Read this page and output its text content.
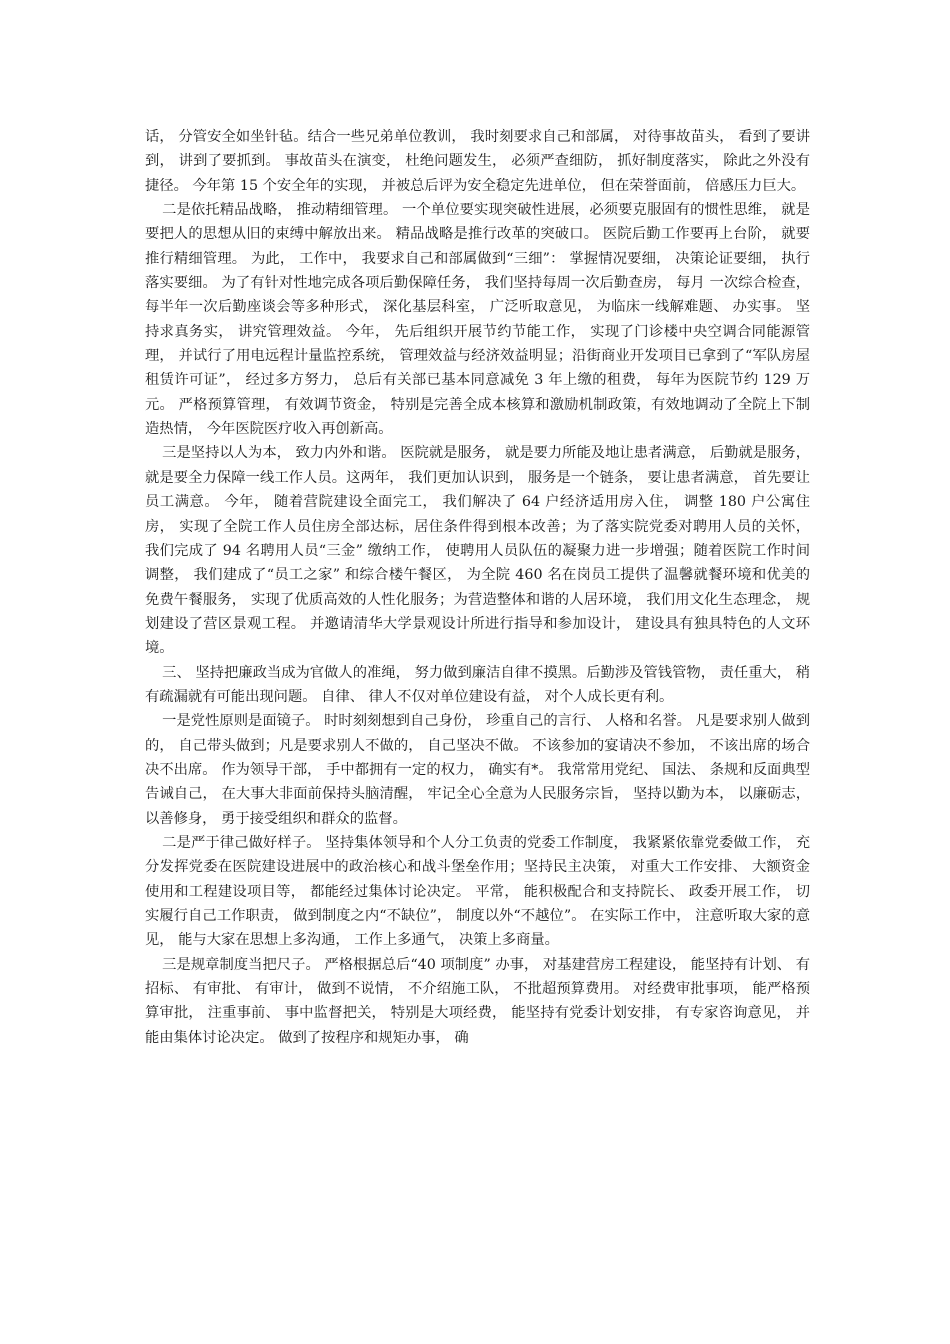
话， 分管安全如坐针毡。结合一些兄弟单位教训， 我时刻要求自己和部属， 对待事故苗头， 看到了要讲到， 讲到了要抓到。 事故苗头在演变， 杜绝问题发生， 必须严查细防， 抓好制度落实， 除此之外没有捷径。 今年第 15 个安全年的实现， 并被总后评为安全稳定先进单位， 但在荣誉面前， 倍感压力巨大。

二是依托精品战略， 推动精细管理。 一个单位要实现突破性进展，必须要克服固有的惯性思维， 就是要把人的思想从旧的束缚中解放出来。 精品战略是推行改革的突破口。 医院后勤工作要再上台阶， 就要推行精细管理。 为此， 工作中， 我要求自己和部属做到“三细”： 掌握情况要细， 决策论证要细， 执行落实要细。 为了有针对性地完成各项后勤保障任务， 我们坚持每周一次后勤查房， 每月 一次综合检查， 每半年一次后勤座谈会等多种形式， 深化基层科室， 广泛听取意见， 为临床一线解难题、 办实事。 坚持求真务实， 讲究管理效益。 今年， 先后组织开展节约节能工作， 实现了门诊楼中央空调合同能源管理， 并试行了用电远程计量监控系统， 管理效益与经济效益明显；沿街商业开发项目已拿到了“军队房屋租赁许可证”， 经过多方努力， 总后有关部已基本同意减免 3 年上缴的租费， 每年为医院节约 129 万元。 严格预算管理， 有效调节资金， 特别是完善全成本核算和激励机制政策，有效地调动了全院上下制造热情， 今年医院医疗收入再创新高。

三是坚持以人为本， 致力内外和谐。 医院就是服务， 就是要力所能及地让患者满意， 后勤就是服务， 就是要全力保障一线工作人员。这两年， 我们更加认识到， 服务是一个链条， 要让患者满意， 首先要让员工满意。 今年， 随着营院建设全面完工， 我们解决了 64 户经济适用房入住， 调整 180 户公寓住房， 实现了全院工作人员住房全部达标，居住条件得到根本改善；为了落实院党委对聘用人员的关怀， 我们完成了 94 名聘用人员“三金” 缴纳工作， 使聘用人员队伍的凝聚力进一步增强；随着医院工作时间调整， 我们建成了“员工之家” 和综合楼午餐区， 为全院 460 名在岗员工提供了温馨就餐环境和优美的免费午餐服务， 实现了优质高效的人性化服务；为营造整体和谐的人居环境， 我们用文化生态理念， 规划建设了营区景观工程。 并邀请清华大学景观设计所进行指导和参加设计， 建设具有独具特色的人文环境。

三、 坚持把廉政当成为官做人的准绳， 努力做到廉洁自律不摸黑。后勤涉及管钱管物， 责任重大， 稍有疏漏就有可能出现问题。 自律、 律人不仅对单位建设有益， 对个人成长更有利。

一是党性原则是面镜子。 时时刻刻想到自己身份， 珍重自己的言行、 人格和名誉。 凡是要求别人做到的， 自己带头做到；凡是要求别人不做的， 自己坚决不做。 不该参加的宴请决不参加， 不该出席的场合决不出席。 作为领导干部， 手中都拥有一定的权力， 确实有*。 我常常用党纪、 国法、 条规和反面典型告诫自己， 在大事大非面前保持头脑清醒， 牢记全心全意为人民服务宗旨， 坚持以勤为本， 以廉砺志， 以善修身， 勇于接受组织和群众的监督。

二是严于律己做好样子。 坚持集体领导和个人分工负责的党委工作制度， 我紧紧依靠党委做工作， 充分发挥党委在医院建设进展中的政治核心和战斗堡垒作用；坚持民主决策， 对重大工作安排、 大额资金使用和工程建设项目等， 都能经过集体讨论决定。 平常， 能积极配合和支持院长、 政委开展工作， 切实履行自己工作职责， 做到制度之内“不缺位”， 制度以外“不越位”。 在实际工作中， 注意听取大家的意见， 能与大家在思想上多沟通， 工作上多通气， 决策上多商量。

三是规章制度当把尺子。 严格根据总后“40 项制度” 办事， 对基建营房工程建设， 能坚持有计划、 有招标、 有审批、 有审计， 做到不说情， 不介绍施工队， 不批超预算费用。 对经费审批事项， 能严格预算审批， 注重事前、 事中监督把关， 特别是大项经费， 能坚持有党委计划安排， 有专家咨询意见， 并能由集体讨论决定。 做到了按程序和规矩办事， 确
